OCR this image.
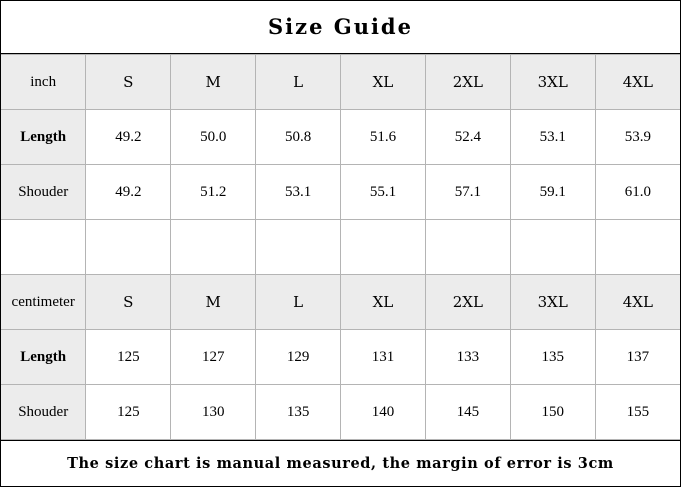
Size Guide
inch	S	M	L	XL	2XL	3XL	4XL
Length	49.2	50.0	50.8	51.6	52.4	53.1	53.9
Shouder	49.2	51.2	53.1	55.1	57.1	59.1	61.0

centimeter	S	M	L	XL	2XL	3XL	4XL
Length	125	127	129	131	133	135	137
Shouder	125	130	135	140	145	150	155
The size chart is manual measured, the margin of error is 3cm
